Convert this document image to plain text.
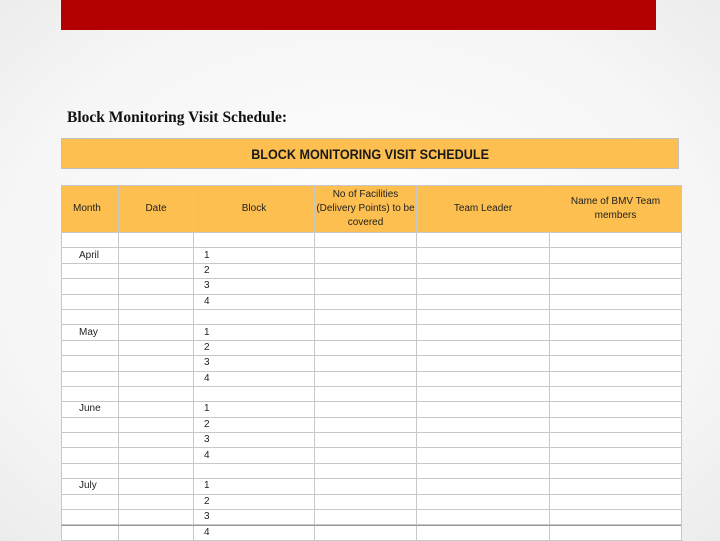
Block Monitoring Visit Schedule:
BLOCK MONITORING VISIT SCHEDULE
Month	Date	Block	No of Facilities (Delivery Points) to be covered	Team Leader	Name of BMV Team members

April		1			
		2			
		3			
		4			

May		1			
		2			
		3			
		4			

June		1			
		2			
		3			
		4			

July		1			
		2			
		3			
		4			
